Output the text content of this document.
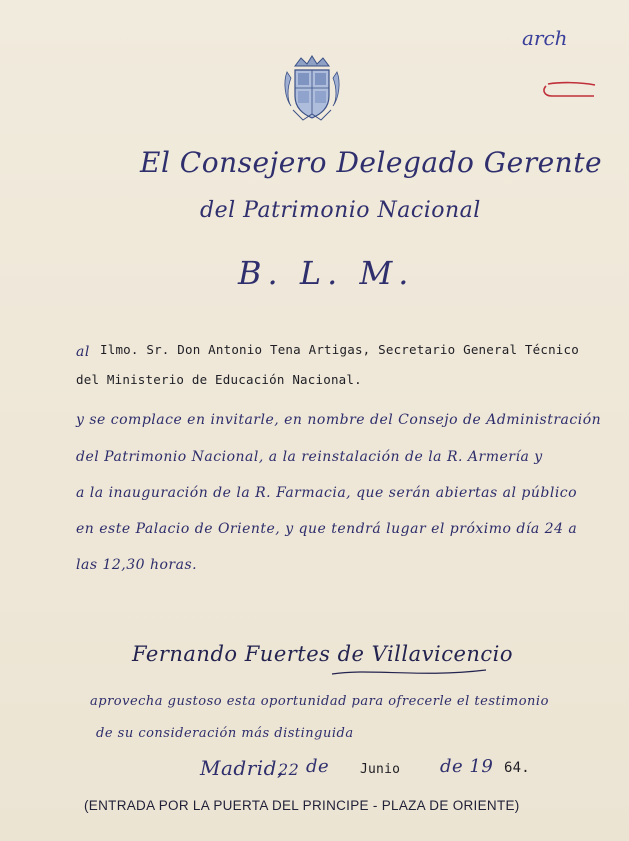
arch
El Consejero Delegado Gerente
del Patrimonio Nacional
B. L. M.
al Ilmo. Sr. Don Antonio Tena Artigas, Secretario General Técnico
del Ministerio de Educación Nacional.
y se complace en invitarle, en nombre del Consejo de Administración
del Patrimonio Nacional, a la reinstalación de la R. Armería y
a la inauguración de la R. Farmacia, que serán abiertas al público
en este Palacio de Oriente, y que tendrá lugar el próximo día 24 a
las 12,30 horas.
Fernando Fuertes de Villavicencio
aprovecha gustoso esta oportunidad para ofrecerle el testimonio
de su consideración más distinguida
Madrid,
22 de Junio de 19 64.
(ENTRADA POR LA PUERTA DEL PRINCIPE - PLAZA DE ORIENTE)
